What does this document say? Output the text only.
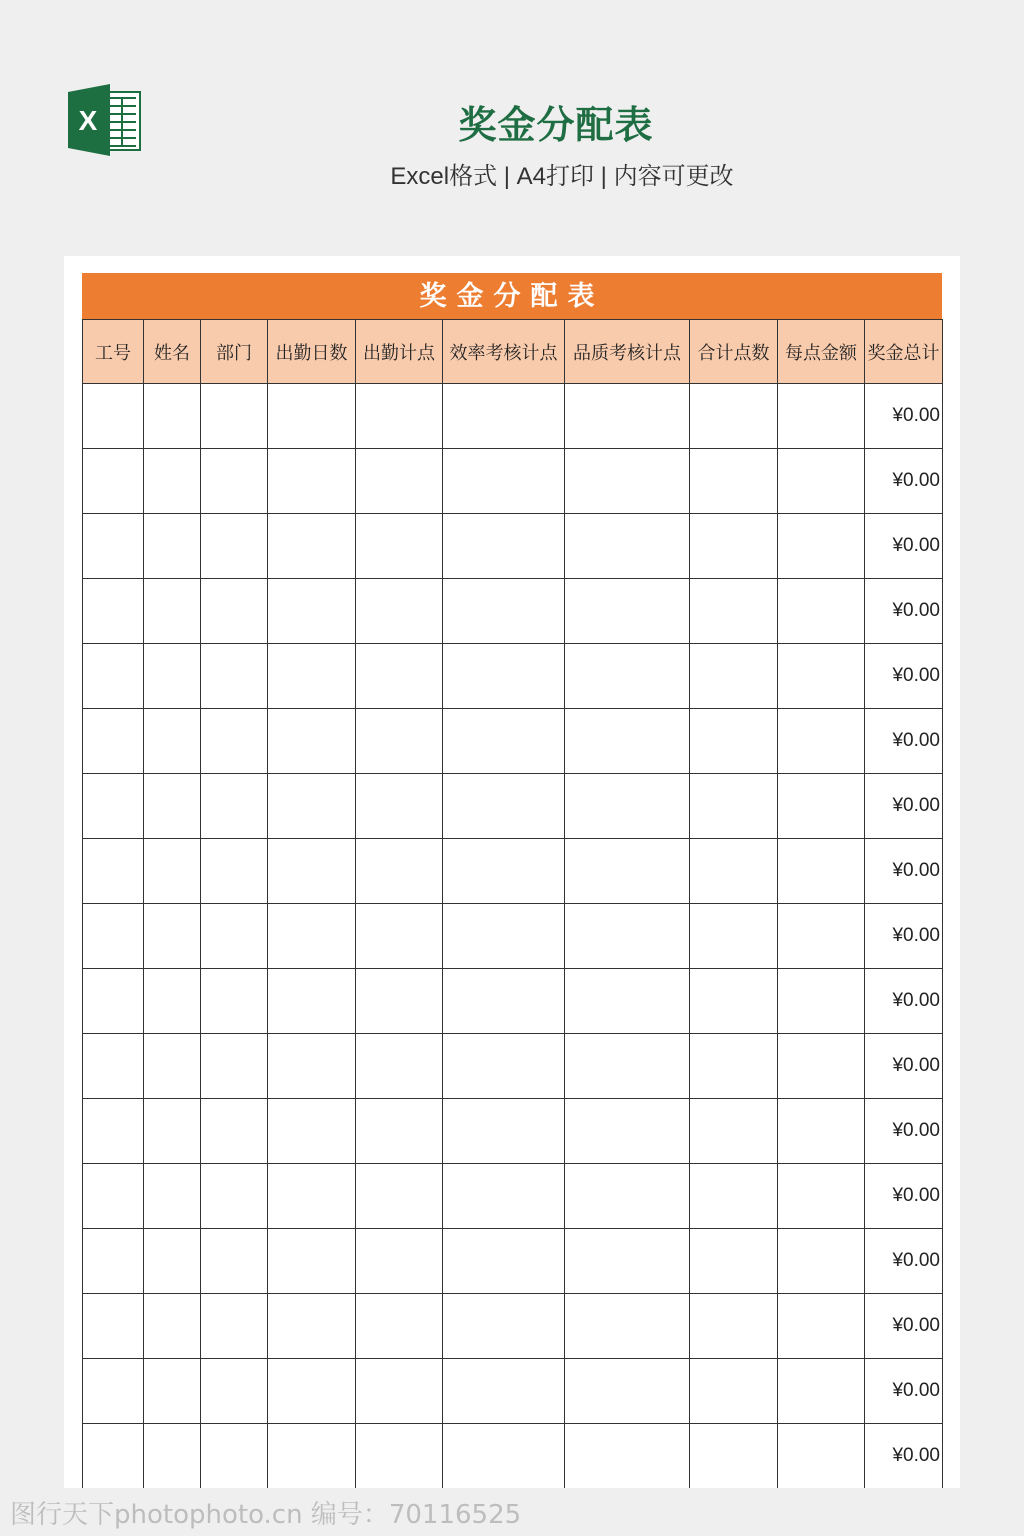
X	奖金分配表
Excel格式 | A4打印 | 内容可更改
奖金分配表
工号	姓名	部门	出勤日数	出勤计点	效率考核计点	品质考核计点	合计点数	每点金额	奖金总计
									¥0.00
									¥0.00
									¥0.00
									¥0.00
									¥0.00
									¥0.00
									¥0.00
									¥0.00
									¥0.00
									¥0.00
									¥0.00
									¥0.00
									¥0.00
									¥0.00
									¥0.00
									¥0.00
									¥0.00
图行天下photophoto.cn 编号：70116525
